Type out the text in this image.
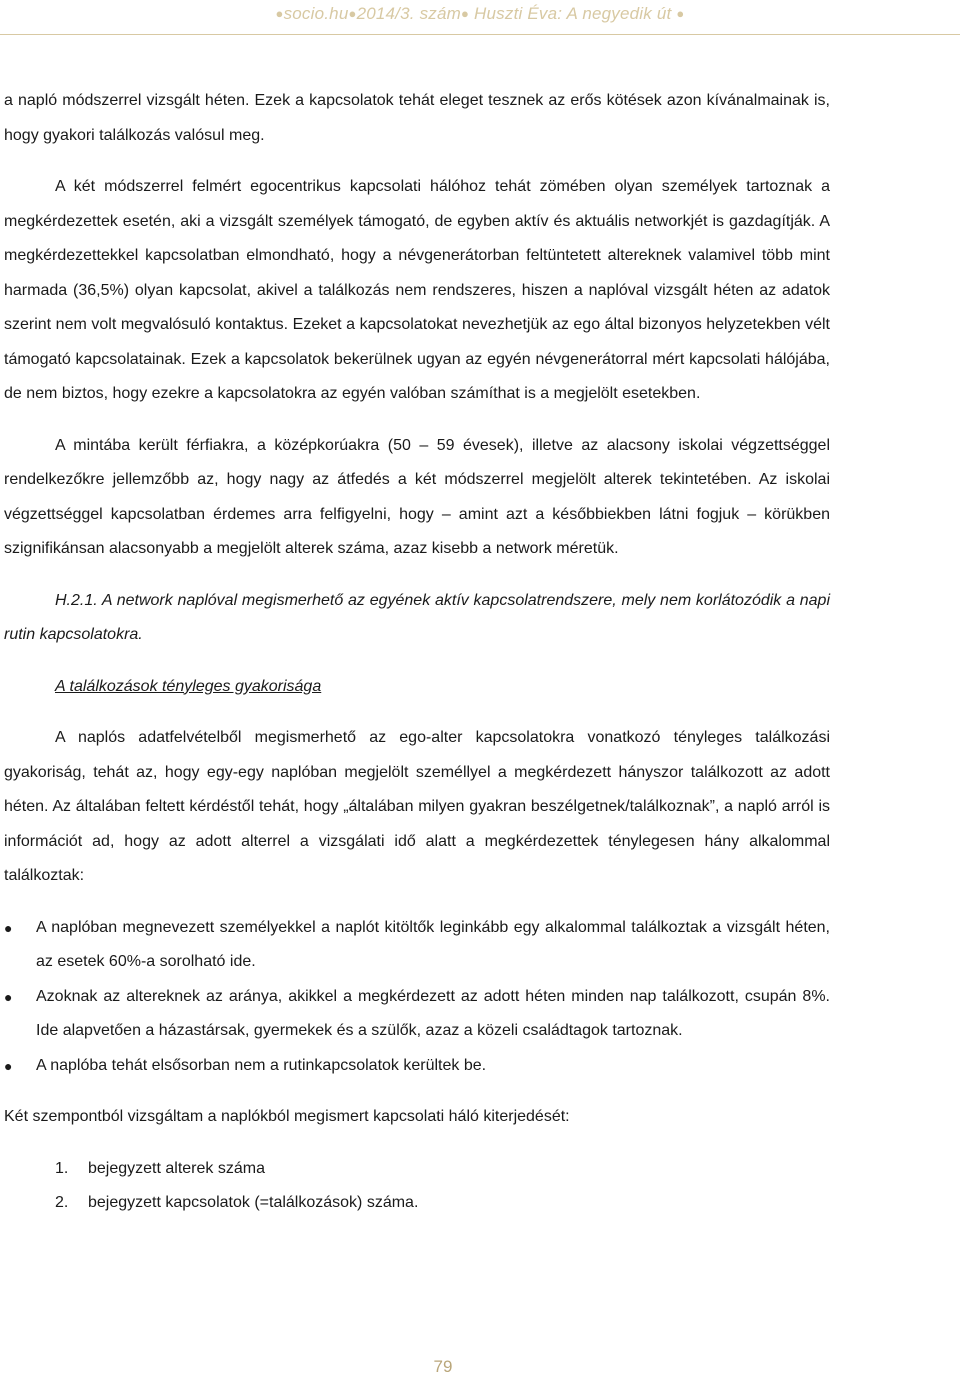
●socio.hu●2014/3. szám● Huszti Éva: A negyedik út ●

a napló módszerrel vizsgált héten. Ezek a kapcsolatok tehát eleget tesznek az erős kötések azon kívánalmainak is, hogy gyakori találkozás valósul meg.

A két módszerrel felmért egocentrikus kapcsolati hálóhoz tehát zömében olyan személyek tartoznak a megkérdezettek esetén, aki a vizsgált személyek támogató, de egyben aktív és aktuális networkjét is gazdagítják. A megkérdezettekkel kapcsolatban elmondható, hogy a névgenerátorban feltüntetett altereknek valamivel több mint harmada (36,5%) olyan kapcsolat, akivel a találkozás nem rendszeres, hiszen a naplóval vizsgált héten az adatok szerint nem volt megvalósuló kontaktus. Ezeket a kapcsolatokat nevezhetjük az ego által bizonyos helyzetekben vélt támogató kapcsolatainak. Ezek a kapcsolatok bekerülnek ugyan az egyén névgenerátorral mért kapcsolati hálójába, de nem biztos, hogy ezekre a kapcsolatokra az egyén valóban számíthat is a megjelölt esetekben.

A mintába került férfiakra, a középkorúakra (50 – 59 évesek), illetve az alacsony iskolai végzettséggel rendelkezőkre jellemzőbb az, hogy nagy az átfedés a két módszerrel megjelölt alterek tekintetében. Az iskolai végzettséggel kapcsolatban érdemes arra felfigyelni, hogy – amint azt a későbbiekben látni fogjuk – körükben szignifikánsan alacsonyabb a megjelölt alterek száma, azaz kisebb a network méretük.

H.2.1. A network naplóval megismerhető az egyének aktív kapcsolatrendszere, mely nem korlátozódik a napi rutin kapcsolatokra.

A találkozások tényleges gyakorisága

A naplós adatfelvételből megismerhető az ego-alter kapcsolatokra vonatkozó tényleges találkozási gyakoriság, tehát az, hogy egy-egy naplóban megjelölt személlyel a megkérdezett hányszor találkozott az adott héten. Az általában feltett kérdéstől tehát, hogy „általában milyen gyakran beszélgetnek/találkoznak”, a napló arról is információt ad, hogy az adott alterrel a vizsgálati idő alatt a megkérdezettek ténylegesen hány alkalommal találkoztak:

● A naplóban megnevezett személyekkel a naplót kitöltők leginkább egy alkalommal találkoztak a vizsgált héten, az esetek 60%-a sorolható ide.
● Azoknak az altereknek az aránya, akikkel a megkérdezett az adott héten minden nap találkozott, csupán 8%. Ide alapvetően a házastársak, gyermekek és a szülők, azaz a közeli családtagok tartoznak.
● A naplóba tehát elsősorban nem a rutinkapcsolatok kerültek be.

Két szempontból vizsgáltam a naplókból megismert kapcsolati háló kiterjedését:

1. bejegyzett alterek száma
2. bejegyzett kapcsolatok (=találkozások) száma.
79
